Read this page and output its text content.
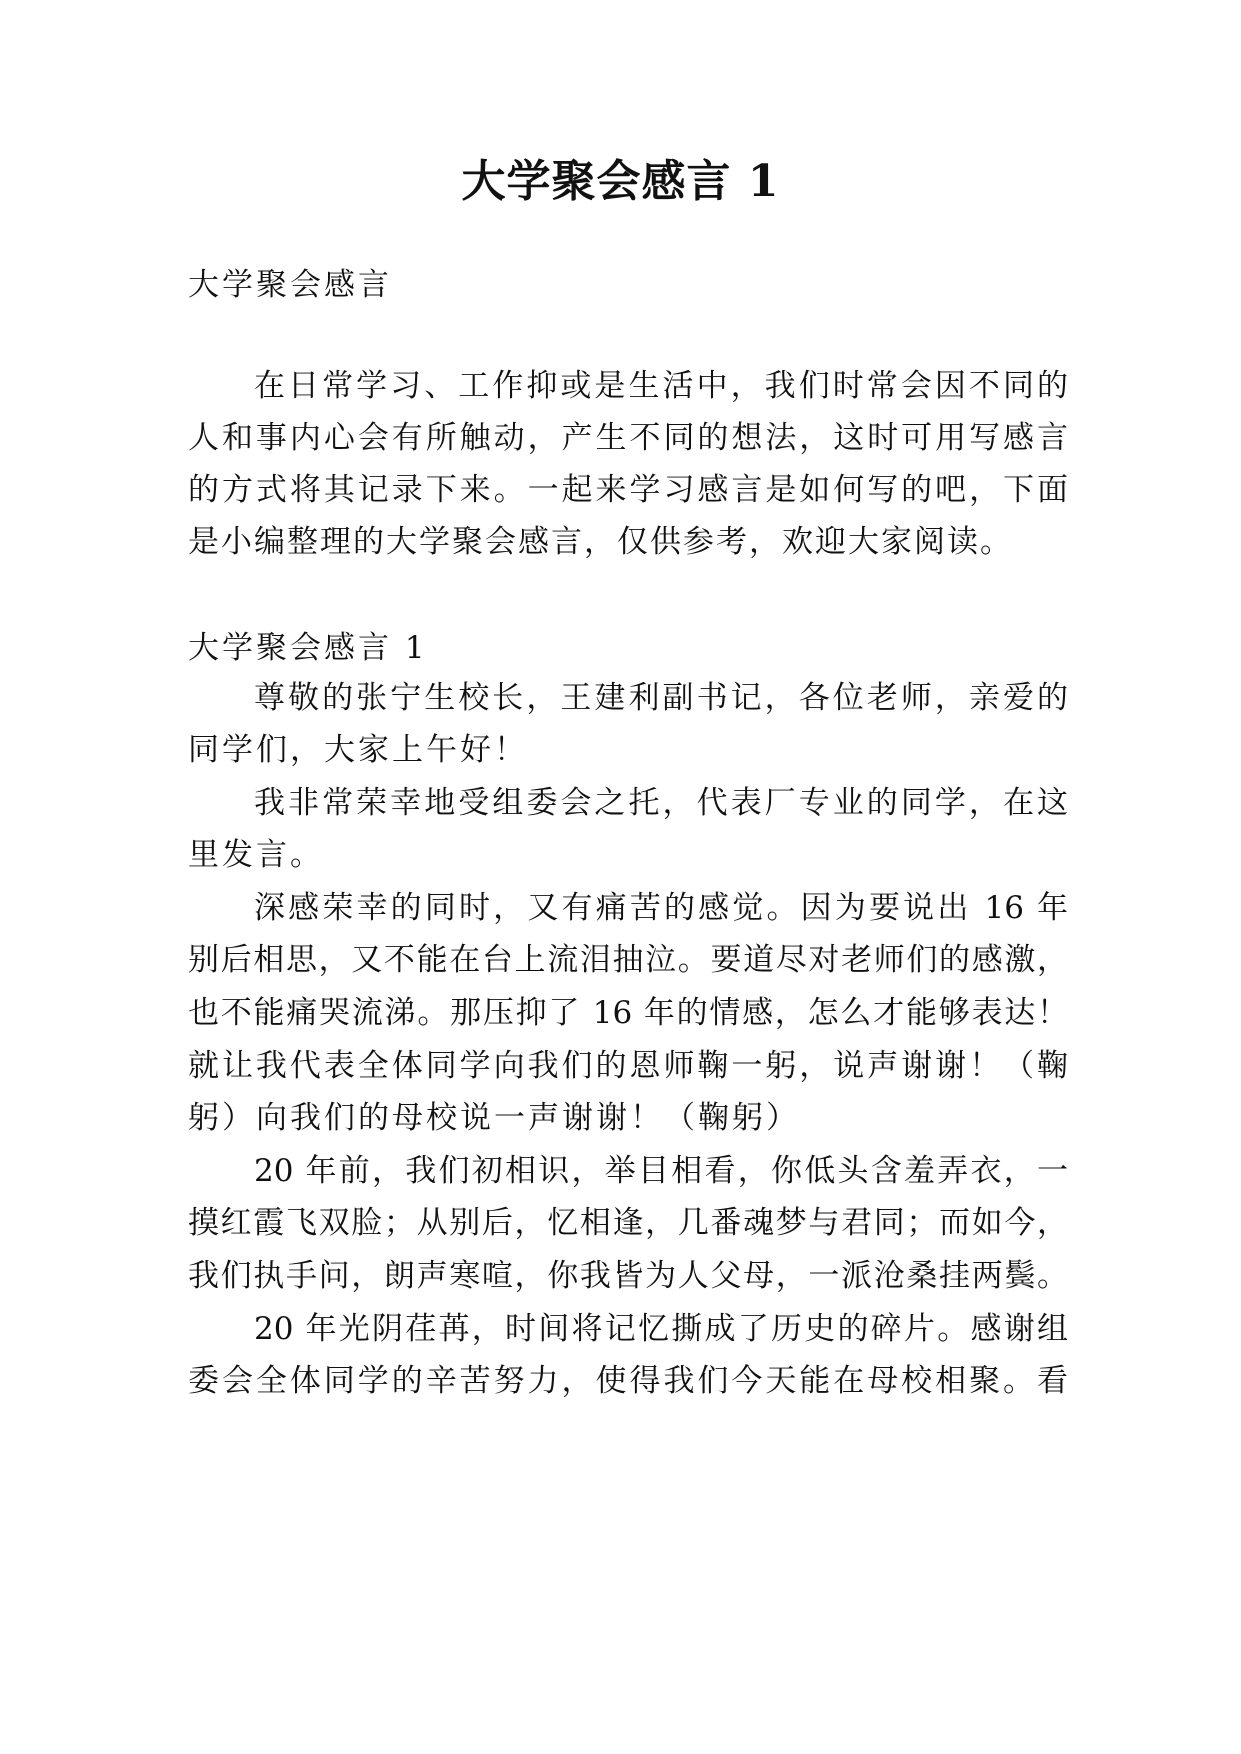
大学聚会感言 1
大学聚会感言
在日常学习、工作抑或是生活中，我们时常会因不同的
人和事内心会有所触动，产生不同的想法，这时可用写感言
的方式将其记录下来。一起来学习感言是如何写的吧，下面
是小编整理的大学聚会感言，仅供参考，欢迎大家阅读。
大学聚会感言 1
尊敬的张宁生校长，王建利副书记，各位老师，亲爱的
同学们，大家上午好！
我非常荣幸地受组委会之托，代表厂专业的同学，在这
里发言。
深感荣幸的同时，又有痛苦的感觉。因为要说出 16 年
别后相思，又不能在台上流泪抽泣。要道尽对老师们的感激，
也不能痛哭流涕。那压抑了 16 年的情感，怎么才能够表达！
就让我代表全体同学向我们的恩师鞠一躬，说声谢谢！（鞠
躬）向我们的母校说一声谢谢！（鞠躬）
20 年前，我们初相识，举目相看，你低头含羞弄衣，一
摸红霞飞双脸；从别后，忆相逢，几番魂梦与君同；而如今，
我们执手问，朗声寒喧，你我皆为人父母，一派沧桑挂两鬓。
20 年光阴荏苒，时间将记忆撕成了历史的碎片。感谢组
委会全体同学的辛苦努力，使得我们今天能在母校相聚。看
